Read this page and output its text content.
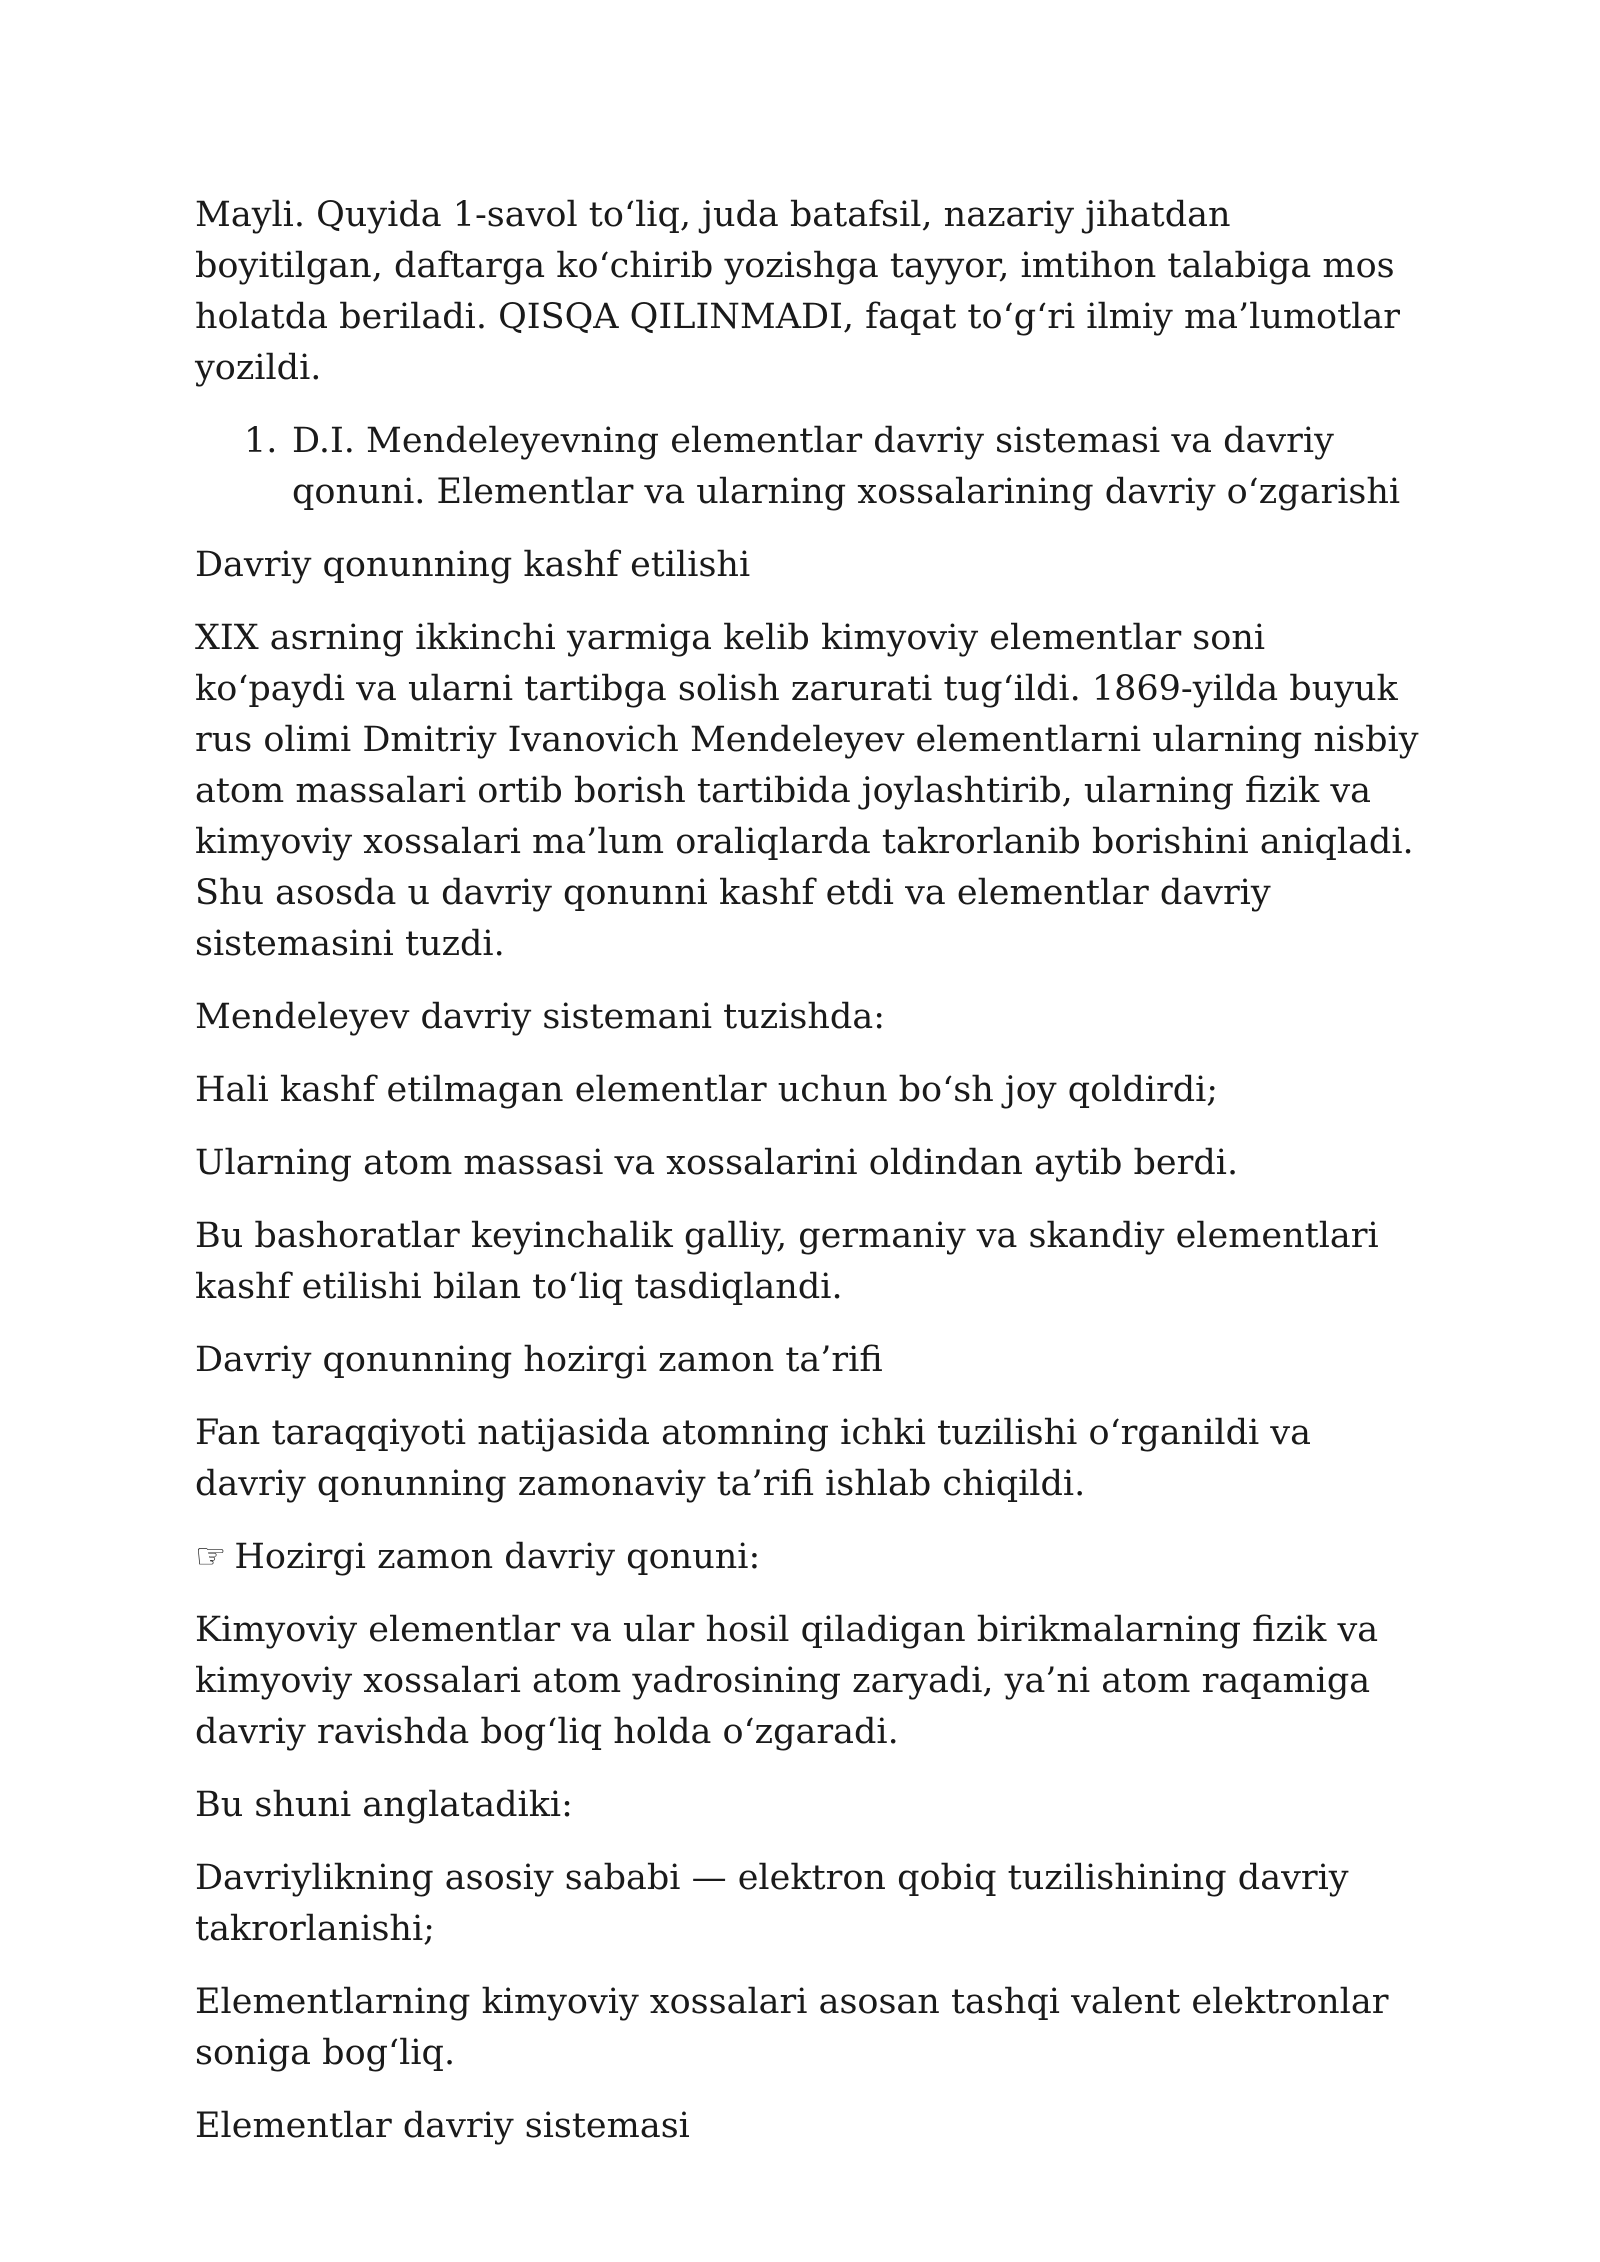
Mayli. Quyida 1-savol to‘liq, juda batafsil, nazariy jihatdan boyitilgan, daftarga ko‘chirib yozishga tayyor, imtihon talabiga mos holatda beriladi. QISQA QILINMADI, faqat to‘g‘ri ilmiy ma’lumotlar yozildi.

1. D.I. Mendeleyevning elementlar davriy sistemasi va davriy qonuni. Elementlar va ularning xossalarining davriy o‘zgarishi

Davriy qonunning kashf etilishi

XIX asrning ikkinchi yarmiga kelib kimyoviy elementlar soni ko‘paydi va ularni tartibga solish zarurati tug‘ildi. 1869-yilda buyuk rus olimi Dmitriy Ivanovich Mendeleyev elementlarni ularning nisbiy atom massalari ortib borish tartibida joylashtirib, ularning fizik va kimyoviy xossalari ma’lum oraliqlarda takrorlanib borishini aniqladi. Shu asosda u davriy qonunni kashf etdi va elementlar davriy sistemasini tuzdi.

Mendeleyev davriy sistemani tuzishda:

Hali kashf etilmagan elementlar uchun bo‘sh joy qoldirdi;

Ularning atom massasi va xossalarini oldindan aytib berdi.

Bu bashoratlar keyinchalik galliy, germaniy va skandiy elementlari kashf etilishi bilan to‘liq tasdiqlandi.

Davriy qonunning hozirgi zamon ta’rifi

Fan taraqqiyoti natijasida atomning ichki tuzilishi o‘rganildi va davriy qonunning zamonaviy ta’rifi ishlab chiqildi.

☞ Hozirgi zamon davriy qonuni:

Kimyoviy elementlar va ular hosil qiladigan birikmalarning fizik va kimyoviy xossalari atom yadrosining zaryadi, ya’ni atom raqamiga davriy ravishda bog‘liq holda o‘zgaradi.

Bu shuni anglatadiki:

Davriylikning asosiy sababi — elektron qobiq tuzilishining davriy takrorlanishi;

Elementlarning kimyoviy xossalari asosan tashqi valent elektronlar soniga bog‘liq.

Elementlar davriy sistemasi
